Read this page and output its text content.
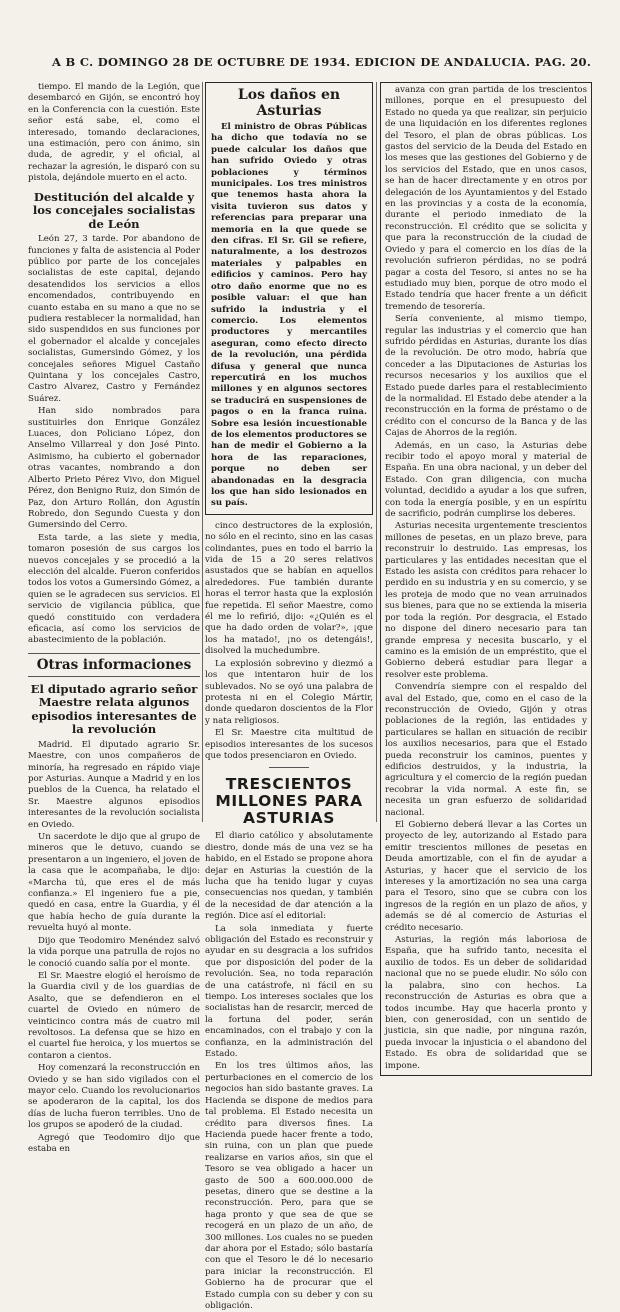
A B C. DOMINGO 28 DE OCTUBRE DE 1934. EDICION DE ANDALUCIA. PAG. 20.

tiempo. El mando de la Legión, que desembarcó en Gijón, se encontró hoy en la Conferencia con la cuestión. Este señor está sabe, el, como el interesado, tomando declaraciones, una estimación, pero con ánimo, sin duda, de agredir, y el oficial, al rechazar la agresión, le disparó con su pistola, dejándole muerto en el acto.

Destitución del alcalde y los concejales socialistas de León

León 27, 3 tarde. Por abandono de funciones y falta de asistencia al Poder público por parte de los concejales socialistas de este capital, dejando desatendidos los servicios a ellos encomendados, contribuyendo en cuanto estaba en su mano a que no se pudiera restablecer la normalidad, han sido suspendidos en sus funciones por el gobernador el alcalde y concejales socialistas, Gumersindo Gómez, y los concejales señores Miguel Castaño Quintana y los concejales Castro, Castro Alvarez, Castro y Fernández Suárez.

Han sido nombrados para sustituirles don Enrique González Luaces, don Policiano López, don Anselmo Villarreal y don José Pinto. Asimismo, ha cubierto el gobernador otras vacantes, nombrando a don Alberto Prieto Pérez Vivo, don Miguel Pérez, don Benigno Ruiz, don Simón de Paz, don Arturo Rollán, don Agustín Robredo, don Segundo Cuesta y don Gumersindo del Cerro.

Esta tarde, a las siete y media, tomaron posesión de sus cargos los nuevos concejales y se procedió a la elección del alcalde. Fueron conferidos todos los votos a Gumersindo Gómez, a quien se le agradecen sus servicios. El servicio de vigilancia pública, que quedó constituido con verdadera eficacia, así como los servicios de abastecimiento de la población.

Otras informaciones
El diputado agrario señor Maestre relata algunos episodios interesantes de la revolución

Madrid. El diputado agrario Sr. Maestre, con unos compañeros de minoría, ha regresado en rápido viaje por Asturias. Aunque a Madrid y en los pueblos de la Cuenca, ha relatado el Sr. Maestre algunos episodios interesantes de la revolución socialista en Oviedo.

Un sacerdote le dijo que al grupo de mineros que le detuvo, cuando se presentaron a un ingeniero, el joven de la casa que le acompañaba, le dijo: «Marcha tú, que eres el de más confianza.» El ingeniero fue a pie, quedó en casa, entre la Guardia, y él que había hecho de guía durante la revuelta huyó al monte.

Dijo que Teodomiro Menéndez salvó la vida porque una patrulla de rojos no le conoció cuando salía por el monte.

El Sr. Maestre elogió el heroísmo de la Guardia civil y de los guardias de Asalto, que se defendieron en el cuartel de Oviedo en número de veinticinco contra más de cuatro mil revoltosos. La defensa que se hizo en el cuartel fue heroica, y los muertos se contaron a cientos.

Hoy comenzará la reconstrucción en Oviedo y se han sido vigilados con el mayor celo. Cuando los revolucionarios se apoderaron de la capital, los dos días de lucha fueron terribles. Uno de los grupos se apoderó de la ciudad.

Agregó que Teodomiro dijo que estaba en

Los daños en Asturias

El ministro de Obras Públicas ha dicho que todavía no se puede calcular los daños que han sufrido Oviedo y otras poblaciones y términos municipales. Los tres ministros que tenemos hasta ahora la visita tuvieron sus datos y referencias para preparar una memoria en la que quede se den cifras. El Sr. Gil se refiere, naturalmente, a los destrozos materiales y palpables en edificios y caminos. Pero hay otro daño enorme que no es posible valuar: el que han sufrido la industria y el comercio. Los elementos productores y mercantiles aseguran, como efecto directo de la revolución, una pérdida difusa y general que nunca repercutirá en los muchos millones y en algunos sectores se traducirá en suspensiones de pagos o en la franca ruina. Sobre esa lesión incuestionable de los elementos productores se han de medir el Gobierno a la hora de las reparaciones, porque no deben ser abandonadas en la desgracia los que han sido lesionados en su país.

cinco destructores de la explosión, no sólo en el recinto, sino en las casas colindantes, pues en todo el barrio la vida de 15 a 20 seres relativos asustados que se habían en aquellos alrededores. Fue también durante horas el terror hasta que la explosión fue repetida. El señor Maestre, como él me lo refirió, dijo: «¿Quién es el que ha dado orden de volar?», ¡que los ha matado!, ¡no os detengáis!, disolved la muchedumbre.

La explosión sobrevino y diezmó a los que intentaron huir de los sublevados. No se oyó una palabra de protesta ni en el Colegio Mártir, donde quedaron doscientos de la Flor y nata religiosos.

El Sr. Maestre cita multitud de episodios interesantes de los sucesos que todos presenciaron en Oviedo.

TRESCIENTOS MILLONES PARA ASTURIAS

El diario católico y absolutamente diestro, donde más de una vez se ha habido, en el Estado se propone ahora dejar en Asturias la cuestión de la lucha que ha tenido lugar y cuyas consecuencias nos quedan, y también de la necesidad de dar atención a la región. Dice así el editorial:

La sola inmediata y fuerte obligación del Estado es reconstruir y ayudar en su desgracia a los sufridos que por disposición del poder de la revolución. Sea, no toda reparación de una catástrofe, ni fácil en su tiempo. Los intereses sociales que los socialistas han de resarcir, merced de la fortuna del poder, serán encaminados, con el trabajo y con la confianza, en la administración del Estado.

En los tres últimos años, las perturbaciones en el comercio de los negocios han sido bastante graves. La Hacienda se dispone de medios para tal problema. El Estado necesita un crédito para diversos fines. La Hacienda puede hacer frente a todo, sin ruina, con un plan que puede realizarse en varios años, sin que el Tesoro se vea obligado a hacer un gasto de 500 a 600.000.000 de pesetas, dinero que se destine a la reconstrucción. Pero, para que se haga pronto y que sea de que se recogerá en un plazo de un año, de 300 millones. Los cuales no se pueden dar ahora por el Estado; sólo bastaría con que el Tesoro le dé lo necesario para iniciar la reconstrucción. El Gobierno ha de procurar que el Estado cumpla con su deber y con su obligación.

avanza con gran partida de los trescientos millones, porque en el presupuesto del Estado no queda ya que realizar, sin perjuicio de una liquidación en los diferentes reglones del Tesoro, el plan de obras públicas. Los gastos del servicio de la Deuda del Estado en los meses que las gestiones del Gobierno y de los servicios del Estado, que en unos casos, se han de hacer directamente y en otros por delegación de los Ayuntamientos y del Estado en las provincias y a costa de la economía, durante el periodo inmediato de la reconstrucción. El crédito que se solicita y que para la reconstrucción de la ciudad de Oviedo y para el comercio en los días de la revolución sufrieron pérdidas, no se podrá pagar a costa del Tesoro, si antes no se ha estudiado muy bien, porque de otro modo el Estado tendría que hacer frente a un déficit tremendo de tesorería.

Sería conveniente, al mismo tiempo, regular las industrias y el comercio que han sufrido pérdidas en Asturias, durante los días de la revolución. De otro modo, habría que conceder a las Diputaciones de Asturias los recursos necesarios y los auxilios que el Estado puede darles para el restablecimiento de la normalidad. El Estado debe atender a la reconstrucción en la forma de préstamo o de crédito con el concurso de la Banca y de las Cajas de Ahorros de la región.

Además, en un caso, la Asturias debe recibir todo el apoyo moral y material de España. En una obra nacional, y un deber del Estado. Con gran diligencia, con mucha voluntad, decidido a ayudar a los que sufren, con toda la energía posible, y en un espíritu de sacrificio, podrán cumplirse los deberes.

Asturias necesita urgentemente trescientos millones de pesetas, en un plazo breve, para reconstruir lo destruido. Las empresas, los particulares y las entidades necesitan que el Estado les asista con créditos para rehacer lo perdido en su industria y en su comercio, y se les proteja de modo que no vean arruinados sus bienes, para que no se extienda la miseria por toda la región. Por desgracia, el Estado no dispone del dinero necesario para tan grande empresa y necesita buscarlo, y el camino es la emisión de un empréstito, que el Gobierno deberá estudiar para llegar a resolver este problema.

Convendría siempre con el respaldo del aval del Estado, que, como en el caso de la reconstrucción de Oviedo, Gijón y otras poblaciones de la región, las entidades y particulares se hallan en situación de recibir los auxilios necesarios, para que el Estado pueda reconstruir los caminos, puentes y edificios destruidos, y la industria, la agricultura y el comercio de la región puedan recobrar la vida normal. A este fin, se necesita un gran esfuerzo de solidaridad nacional.

El Gobierno deberá llevar a las Cortes un proyecto de ley, autorizando al Estado para emitir trescientos millones de pesetas en Deuda amortizable, con el fin de ayudar a Asturias, y hacer que el servicio de los intereses y la amortización no sea una carga para el Tesoro, sino que se cubra con los ingresos de la región en un plazo de años, y además se dé al comercio de Asturias el crédito necesario.

Asturias, la región más laboriosa de España, que ha sufrido tanto, necesita el auxilio de todos. Es un deber de solidaridad nacional que no se puede eludir. No sólo con la palabra, sino con hechos. La reconstrucción de Asturias es obra que a todos incumbe. Hay que hacerla pronto y bien, con generosidad, con un sentido de justicia, sin que nadie, por ninguna razón, pueda invocar la injusticia o el abandono del Estado. Es obra de solidaridad que se impone.
